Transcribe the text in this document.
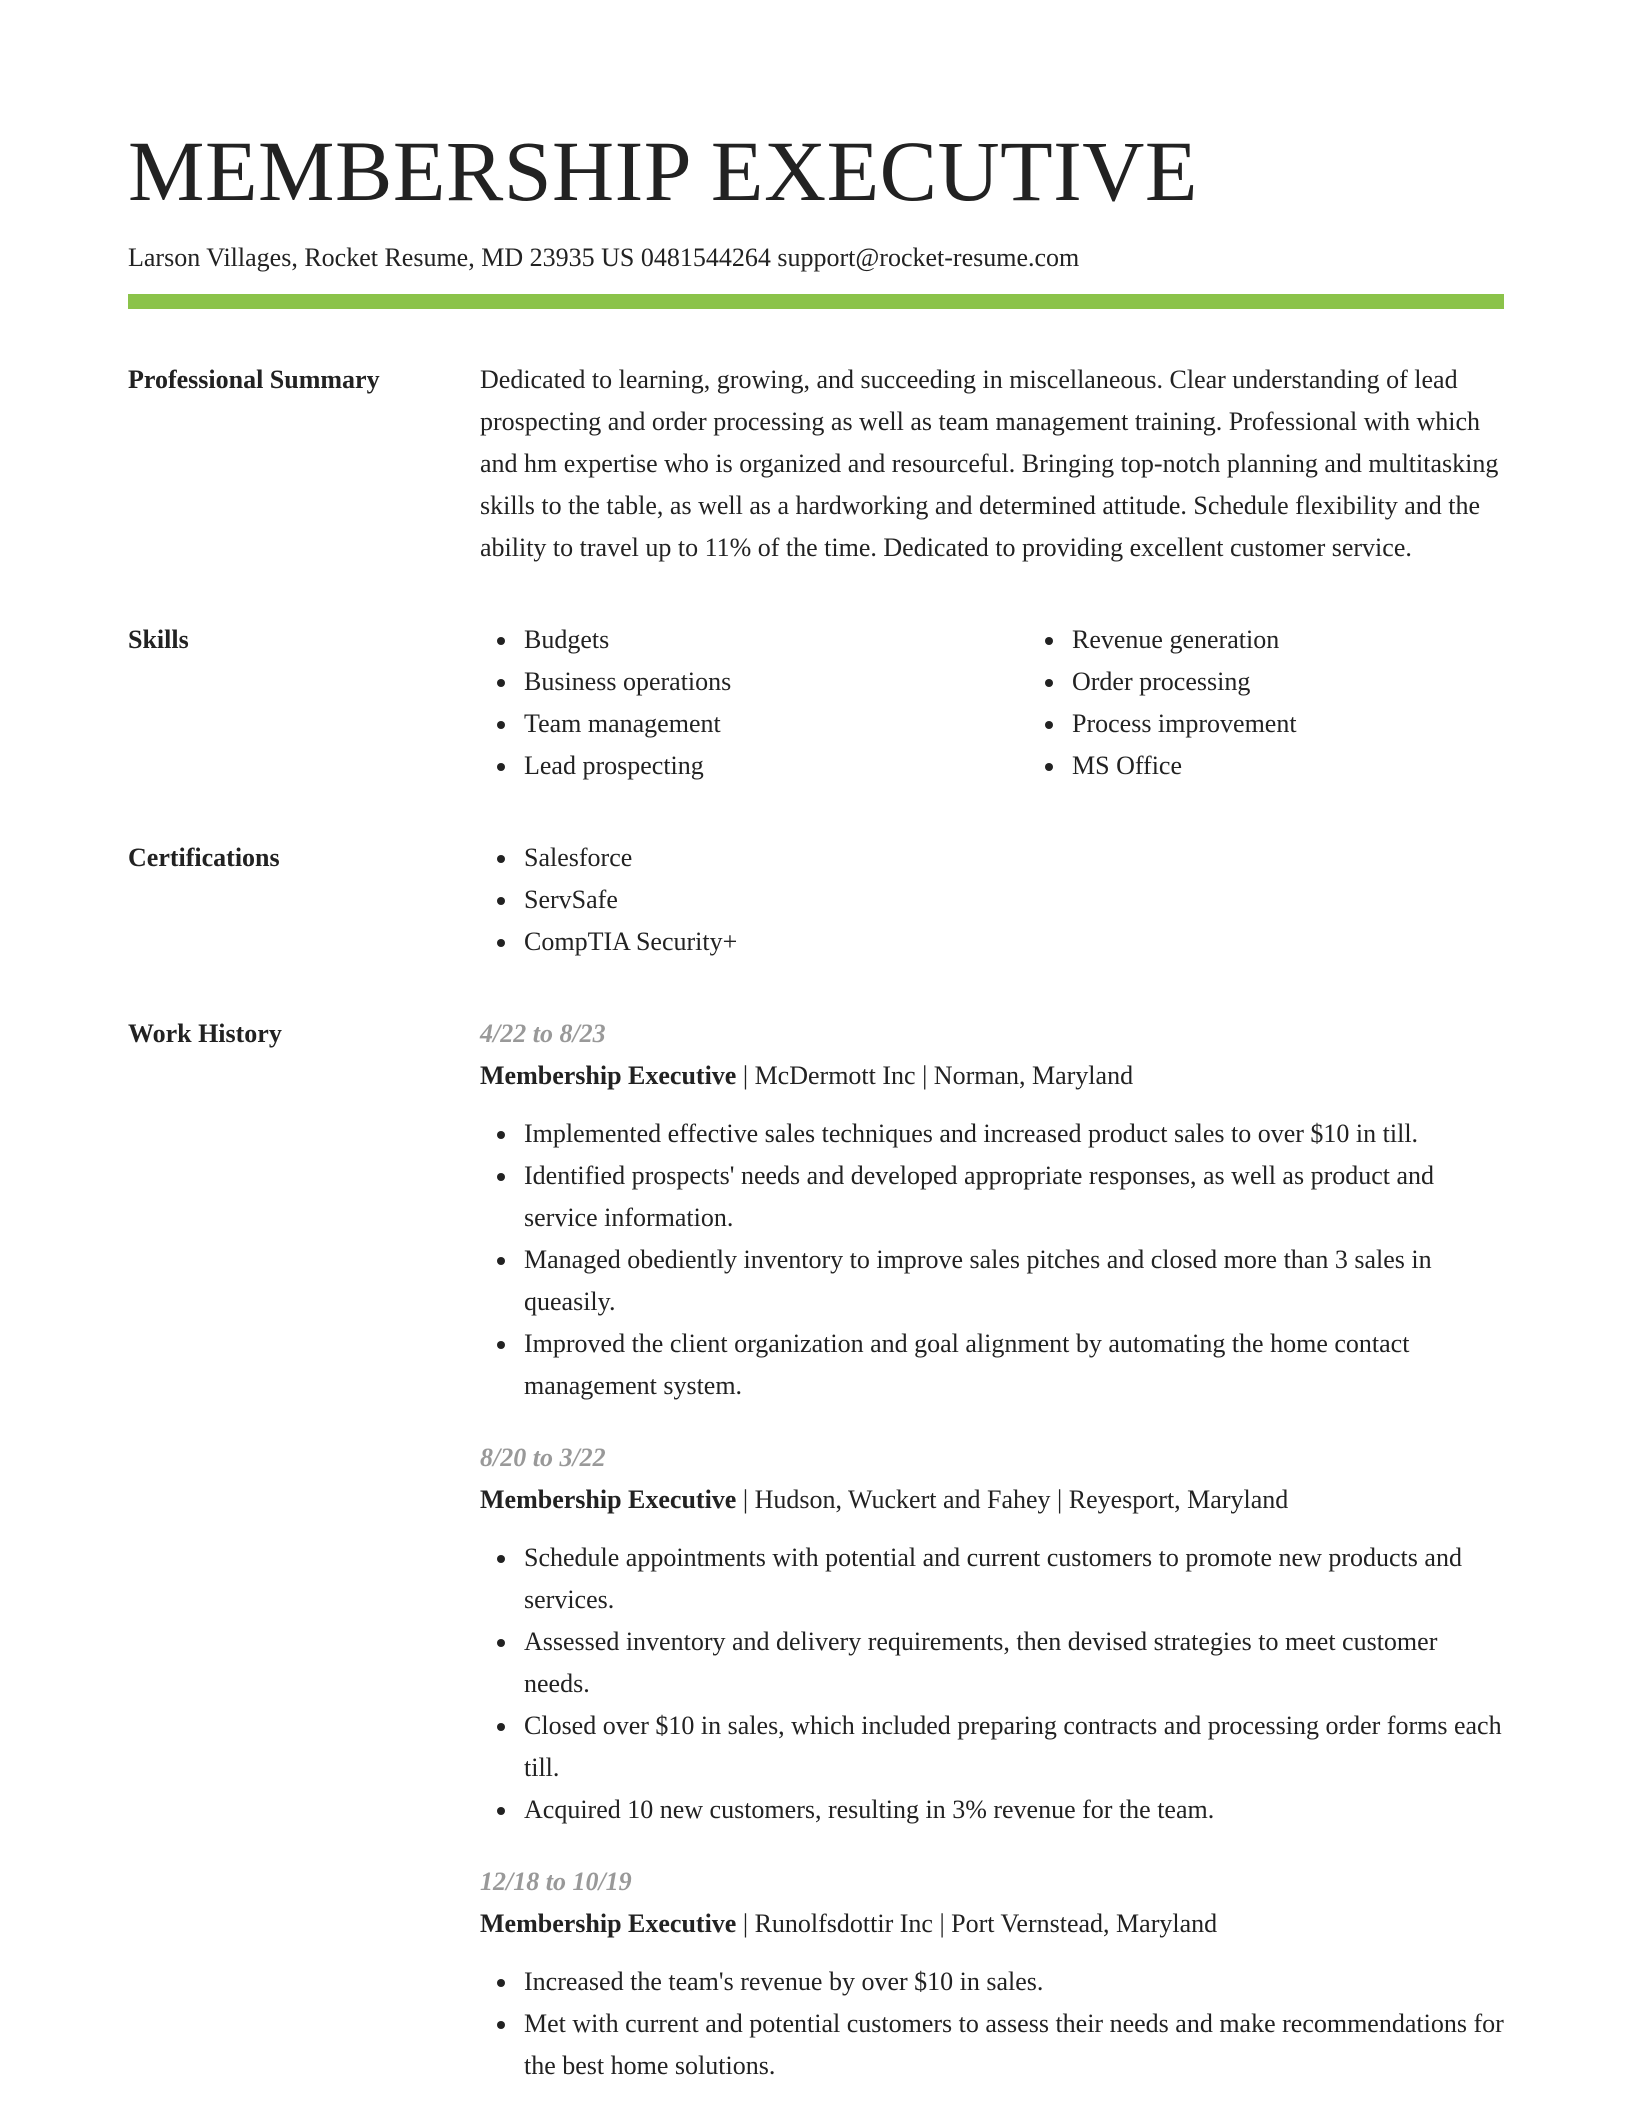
MEMBERSHIP EXECUTIVE
Larson Villages, Rocket Resume, MD 23935 US 0481544264 support@rocket-resume.com
Professional Summary	Dedicated to learning, growing, and succeeding in miscellaneous. Clear understanding of lead prospecting and order processing as well as team management training. Professional with which and hm expertise who is organized and resourceful. Bringing top-notch planning and multitasking skills to the table, as well as a hardworking and determined attitude. Schedule flexibility and the ability to travel up to 11% of the time. Dedicated to providing excellent customer service.

Skills	Budgets
Business operations
Team management
Lead prospecting
Revenue generation
Order processing
Process improvement
MS Office
Certifications	Salesforce
ServSafe
CompTIA Security+
Work History	4/22 to 8/23
Membership Executive | McDermott Inc | Norman, Maryland
Implemented effective sales techniques and increased product sales to over $10 in till.
Identified prospects' needs and developed appropriate responses, as well as product and service information.
Managed obediently inventory to improve sales pitches and closed more than 3 sales in queasily.
Improved the client organization and goal alignment by automating the home contact management system.
8/20 to 3/22
Membership Executive | Hudson, Wuckert and Fahey | Reyesport, Maryland
Schedule appointments with potential and current customers to promote new products and services.
Assessed inventory and delivery requirements, then devised strategies to meet customer needs.
Closed over $10 in sales, which included preparing contracts and processing order forms each till.
Acquired 10 new customers, resulting in 3% revenue for the team.
12/18 to 10/19
Membership Executive | Runolfsdottir Inc | Port Vernstead, Maryland
Increased the team's revenue by over $10 in sales.
Met with current and potential customers to assess their needs and make recommendations for the best home solutions.
